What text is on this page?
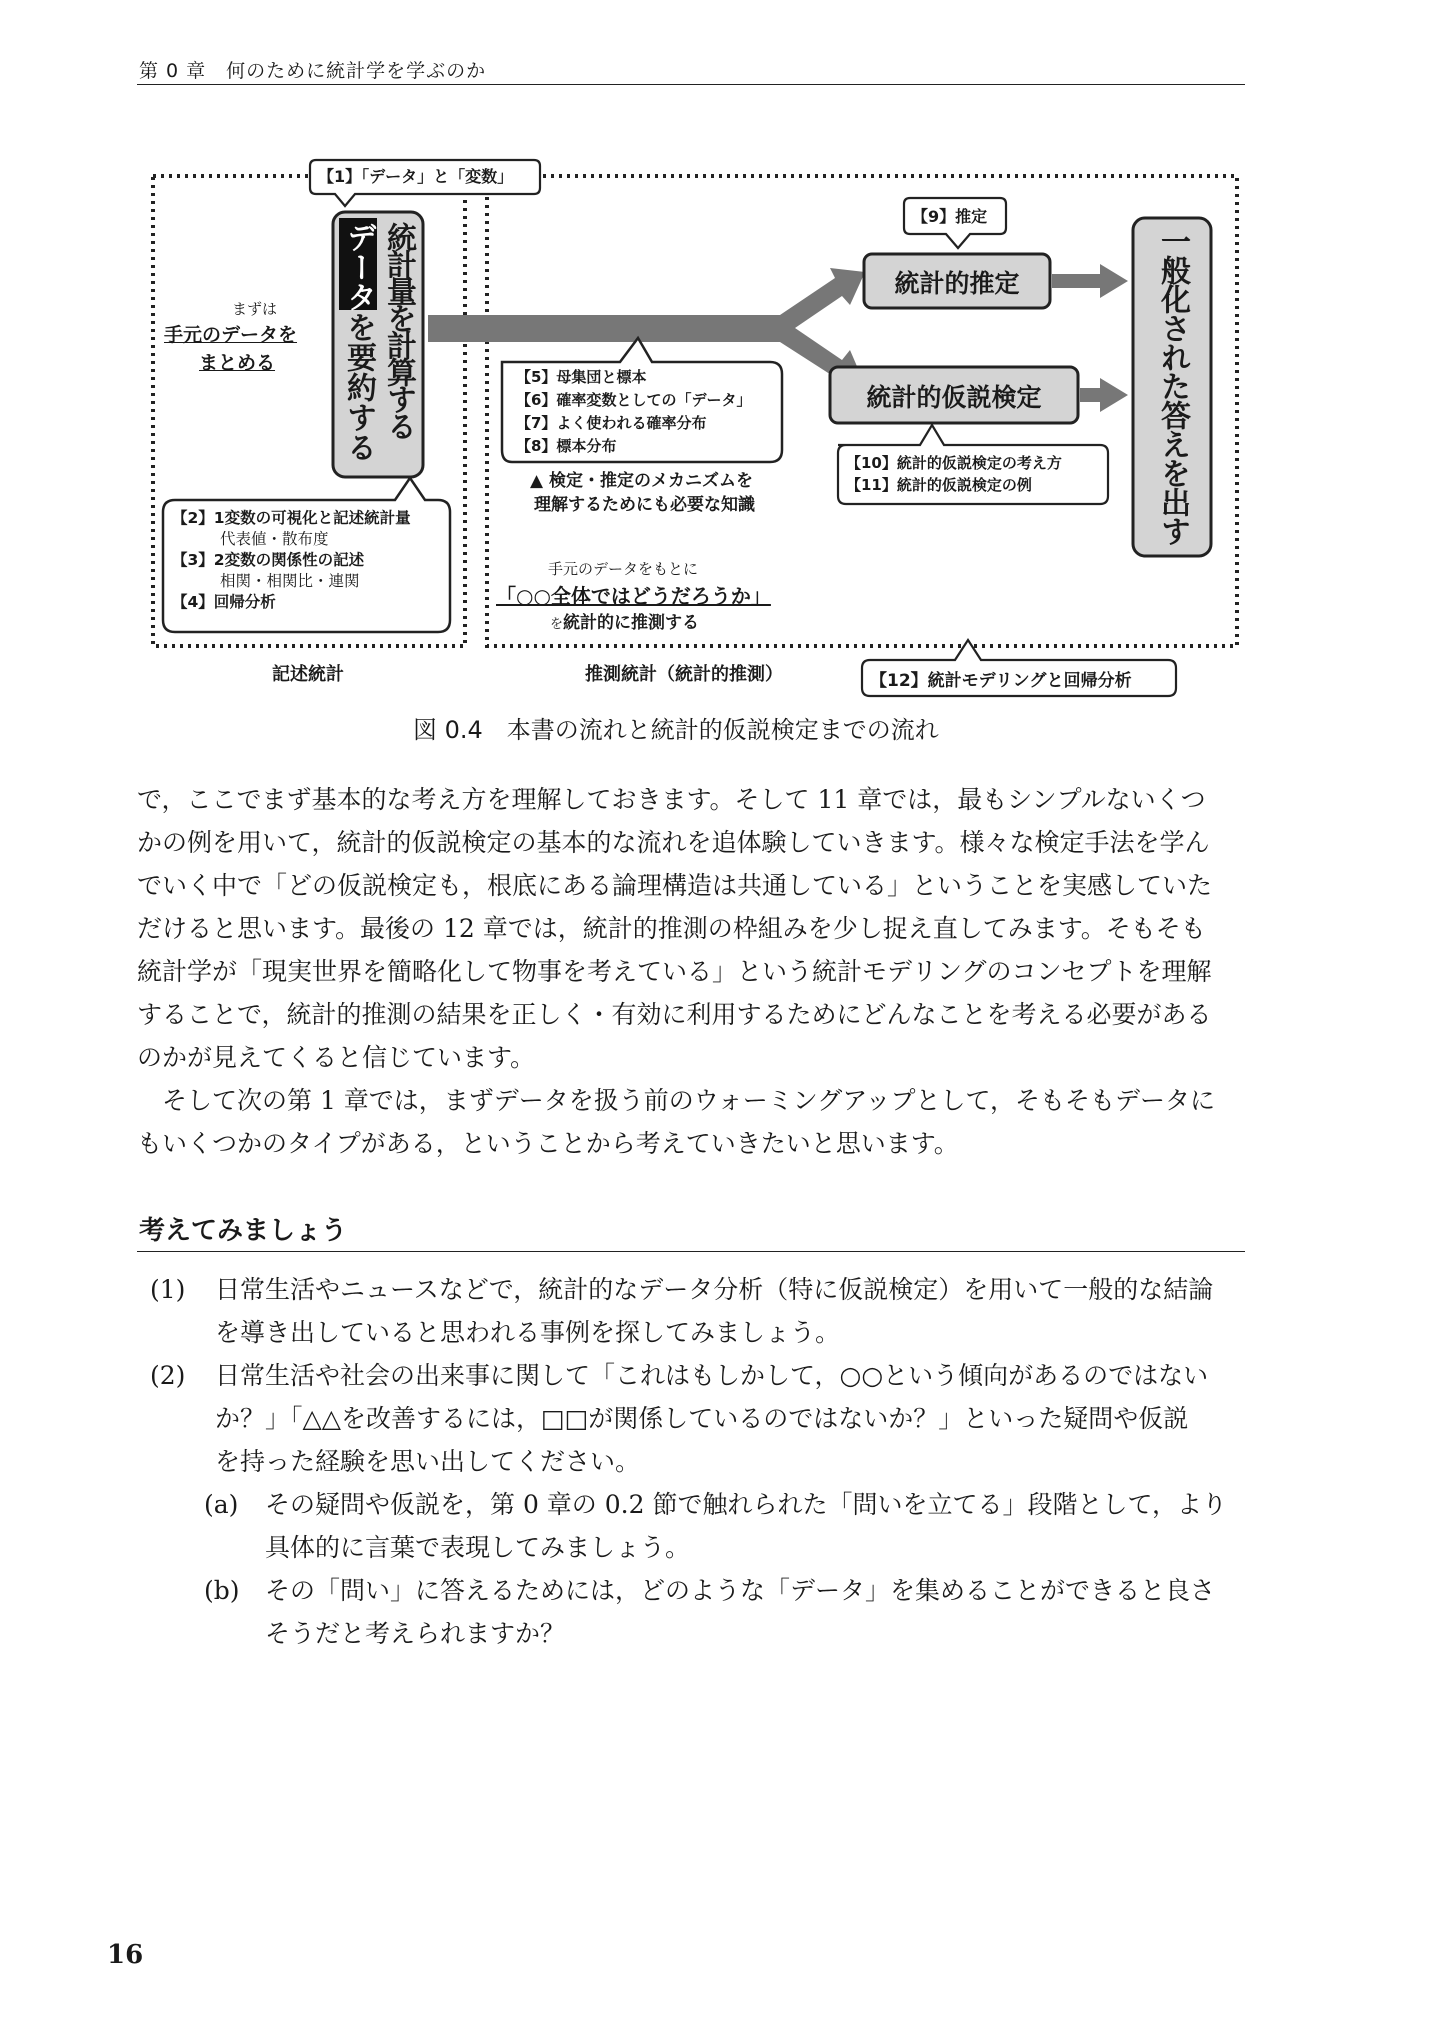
第 0 章　何のために統計学を学ぶのか
【1】「データ」と「変数」
まずは
手元のデータを
まとめる
データ
を要約する 統計量を計算する
【2】1変数の可視化と記述統計量
代表値・散布度
【3】2変数の関係性の記述
相関・相関比・連関
【4】回帰分析
【5】母集団と標本
【6】確率変数としての「データ」
【7】よく使われる確率分布
【8】標本分布
▲ 検定・推定のメカニズムを
理解するためにも必要な知識
【9】推定
統計的推定
統計的仮説検定
【10】統計的仮説検定の考え方
【11】統計的仮説検定の例	一般化された答えを出す
手元のデータをもとに
「○○全体ではどうだろうか」
を統計的に推測する
記述統計	推測統計（統計的推測）	【12】統計モデリングと回帰分析
図 0.4　本書の流れと統計的仮説検定までの流れ

で，ここでまず基本的な考え方を理解しておきます。そして 11 章では，最もシンプルないくつ

かの例を用いて，統計的仮説検定の基本的な流れを追体験していきます。様々な検定手法を学ん

でいく中で「どの仮説検定も，根底にある論理構造は共通している」ということを実感していた

だけると思います。最後の 12 章では，統計的推測の枠組みを少し捉え直してみます。そもそも

統計学が「現実世界を簡略化して物事を考えている」という統計モデリングのコンセプトを理解

することで，統計的推測の結果を正しく・有効に利用するためにどんなことを考える必要がある

のかが見えてくると信じています。

　そして次の第 1 章では，まずデータを扱う前のウォーミングアップとして，そもそもデータに

もいくつかのタイプがある，ということから考えていきたいと思います。

考えてみましょう
(1) 日常生活やニュースなどで，統計的なデータ分析（特に仮説検定）を用いて一般的な結論
を導き出していると思われる事例を探してみましょう。
(2) 日常生活や社会の出来事に関して「これはもしかして，○○という傾向があるのではない
か？」「△△を改善するには，□□が関係しているのではないか？」といった疑問や仮説
を持った経験を思い出してください。
(a) その疑問や仮説を，第 0 章の 0.2 節で触れられた「問いを立てる」段階として，より
具体的に言葉で表現してみましょう。
(b) その「問い」に答えるためには，どのような「データ」を集めることができると良さ
そうだと考えられますか？
16
